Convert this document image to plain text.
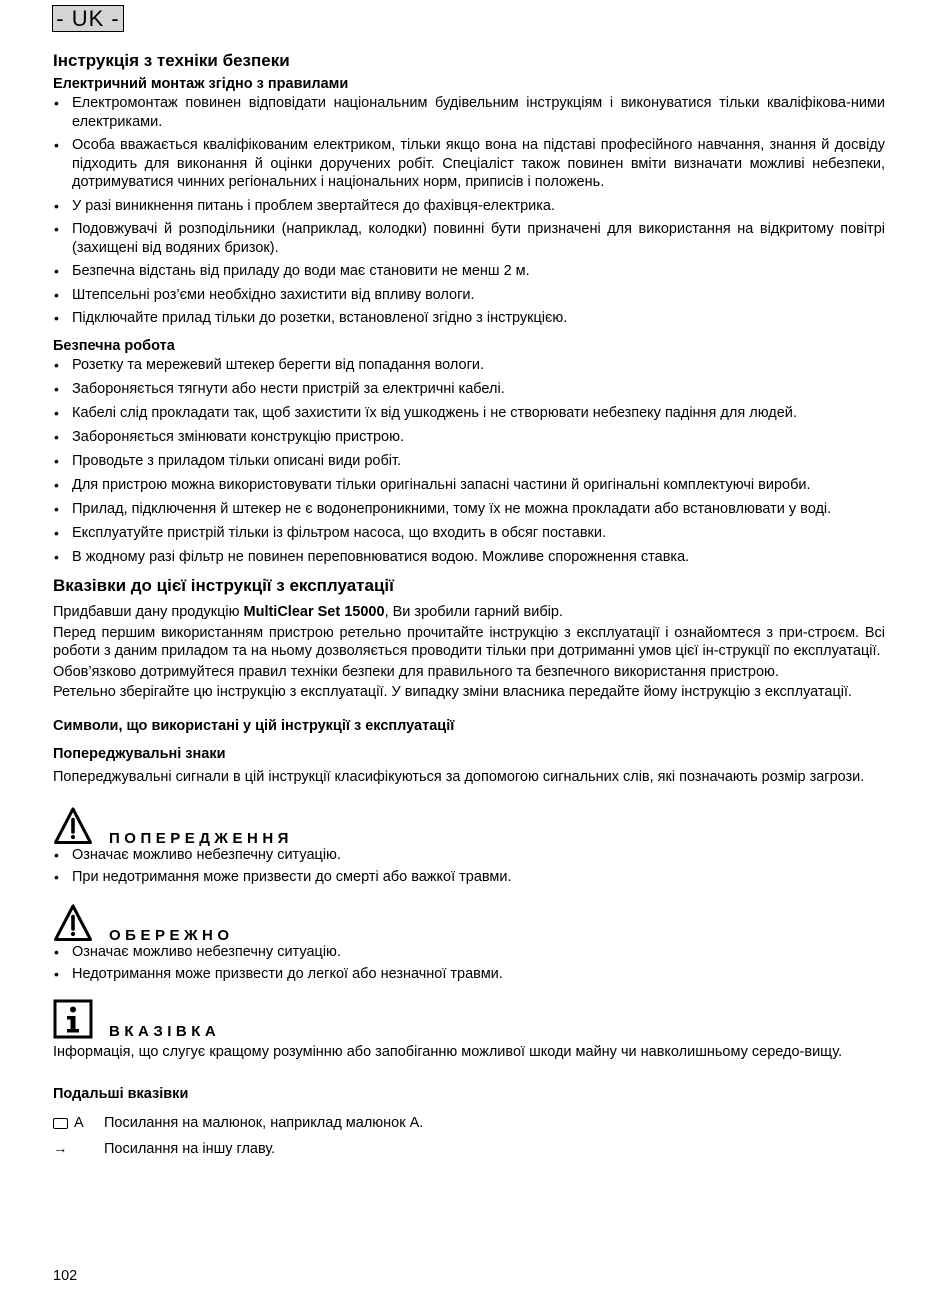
- UK -
Інструкція з техніки безпеки
Електричний монтаж згідно з правилами
• Електромонтаж повинен відповідати національним будівельним інструкціям і виконуватися тільки кваліфікова-ними електриками.
• Особа вважається кваліфікованим електриком, тільки якщо вона на підставі професійного навчання, знання й досвіду підходить для виконання й оцінки доручених робіт. Спеціаліст також повинен вміти визначати можливі небезпеки, дотримуватися чинних регіональних і національних норм, приписів і положень.
• У разі виникнення питань і проблем звертайтеся до фахівця-електрика.
• Подовжувачі й розподільники (наприклад, колодки) повинні бути призначені для використання на відкритому повітрі (захищені від водяних бризок).
• Безпечна відстань від приладу до води має становити не менш 2 м.
• Штепсельні роз’єми необхідно захистити від впливу вологи.
• Підключайте прилад тільки до розетки, встановленої згідно з інструкцією.
Безпечна робота
• Розетку та мережевий штекер берегти від попадання вологи.
• Забороняється тягнути або нести пристрій за електричні кабелі.
• Кабелі слід прокладати так, щоб захистити їх від ушкоджень і не створювати небезпеку падіння для людей.
• Забороняється змінювати конструкцію пристрою.
• Проводьте з приладом тільки описані види робіт.
• Для пристрою можна використовувати тільки оригінальні запасні частини й оригінальні комплектуючі вироби.
• Прилад, підключення й штекер не є водонепроникними, тому їх не можна прокладати або встановлювати у воді.
• Експлуатуйте пристрій тільки із фільтром насоса, що входить в обсяг поставки.
• В жодному разі фільтр не повинен переповнюватися водою. Можливе спорожнення ставка.
Вказівки до цієї інструкції з експлуатації

Придбавши дану продукцію MultiClear Set 15000, Ви зробили гарний вибір.

Перед першим використанням пристрою ретельно прочитайте інструкцію з експлуатації і ознайомтеся з при-строєм. Всі роботи з даним приладом та на ньому дозволяється проводити тільки при дотриманні умов цієї ін-струкції по експлуатації.

Обов’язково дотримуйтеся правил техніки безпеки для правильного та безпечного використання пристрою.

Ретельно зберігайте цю інструкцію з експлуатації. У випадку зміни власника передайте йому інструкцію з експлуатації.

Символи, що використані у цій інструкції з експлуатації
Попереджувальні знаки

Попереджувальні сигнали в цій інструкції класифікуються за допомогою сигнальних слів, які позначають розмір загрози.

ПОПЕРЕДЖЕННЯ
• Означає можливо небезпечну ситуацію.
• При недотримання може призвести до смерті або важкої травми.
ОБЕРЕЖНО
• Означає можливо небезпечну ситуацію.
• Недотримання може призвести до легкої або незначної травми.
ВКАЗІВКА

Інформація, що слугує кращому розумінню або запобіганню можливої шкоди майну чи навколишньому середо-вищу.

Подальші вказівки
A Посилання на малюнок, наприклад малюнок A.
→	Посилання на іншу главу.
102
